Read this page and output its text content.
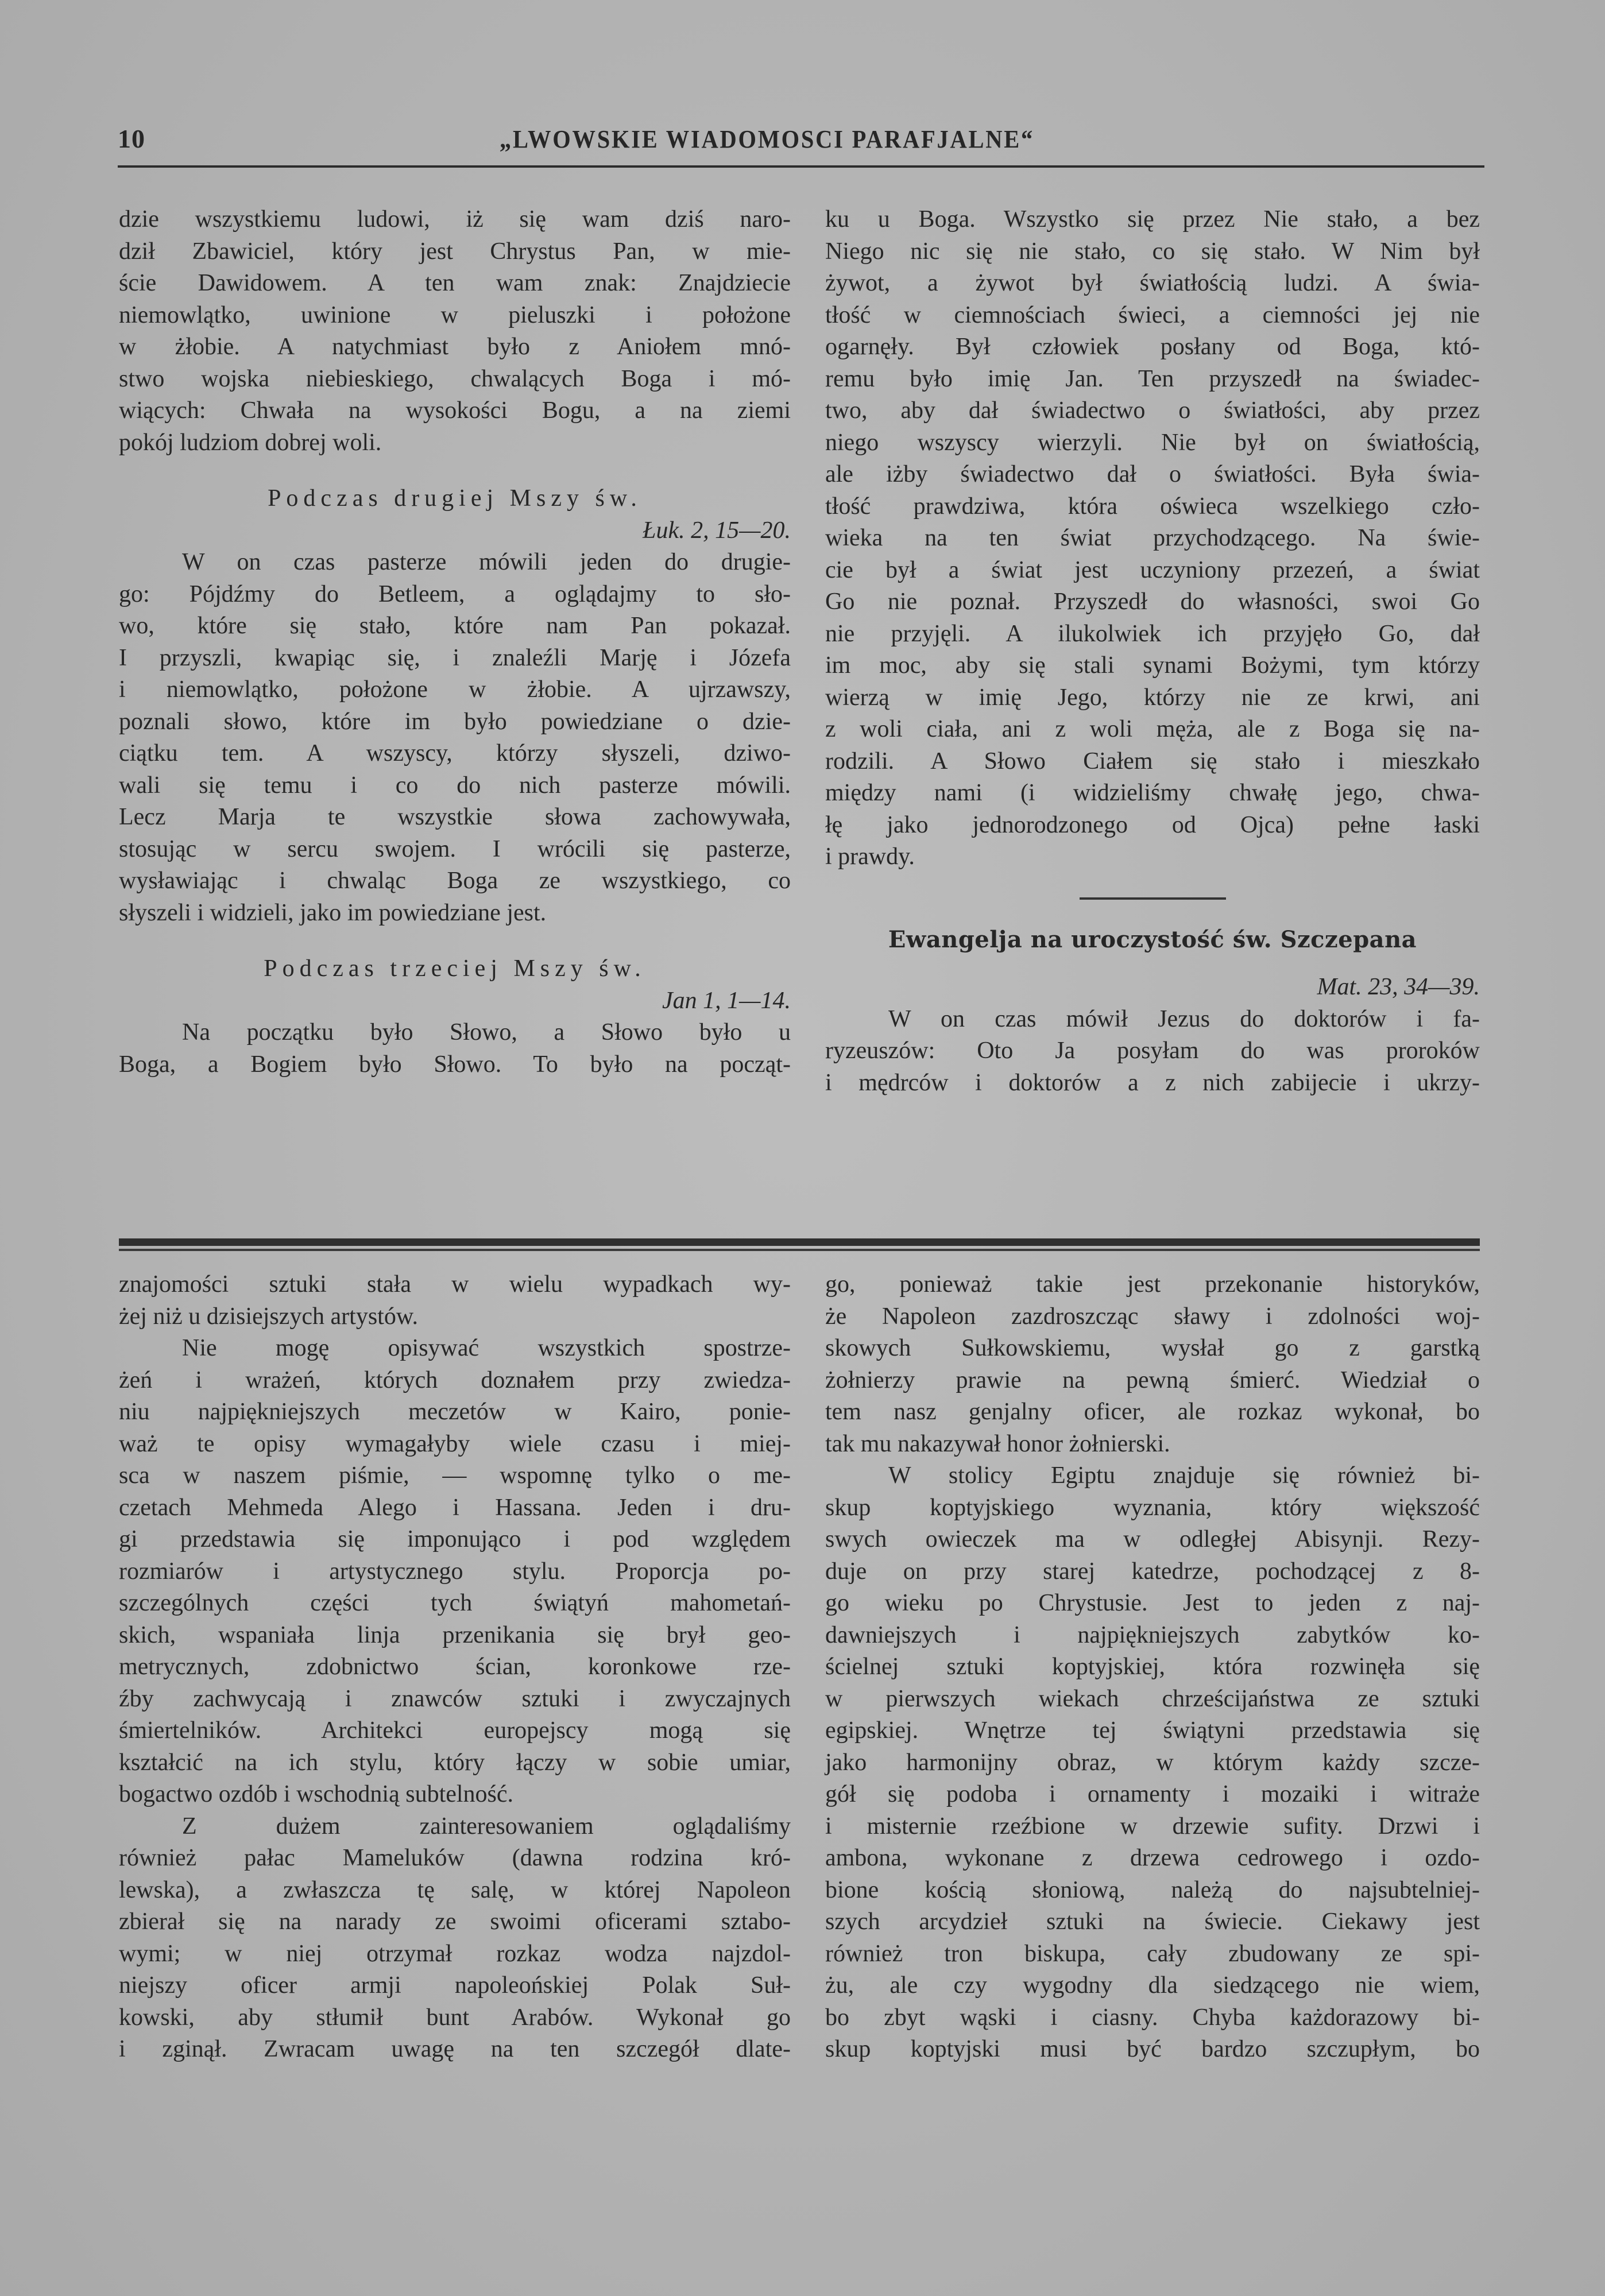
10	„LWOWSKIE WIADOMOSCI PARAFJALNE“
dzie wszystkiemu ludowi, iż się wam dziś naro-
dził Zbawiciel, który jest Chrystus Pan, w mie-
ście Dawidowem. A ten wam znak: Znajdziecie
niemowlątko, uwinione w pieluszki i położone
w żłobie. A natychmiast było z Aniołem mnó-
stwo wojska niebieskiego, chwalących Boga i mó-
wiących: Chwała na wysokości Bogu, a na ziemi
pokój ludziom dobrej woli.
Podczas drugiej Mszy św.
Łuk. 2, 15—20.
W on czas pasterze mówili jeden do drugie-
go: Pójdźmy do Betleem, a oglądajmy to sło-
wo, które się stało, które nam Pan pokazał.
I przyszli, kwapiąc się, i znaleźli Marję i Józefa
i niemowlątko, położone w żłobie. A ujrzawszy,
poznali słowo, które im było powiedziane o dzie-
ciątku tem. A wszyscy, którzy słyszeli, dziwo-
wali się temu i co do nich pasterze mówili.
Lecz Marja te wszystkie słowa zachowywała,
stosując w sercu swojem. I wrócili się pasterze,
wysławiając i chwaląc Boga ze wszystkiego, co
słyszeli i widzieli, jako im powiedziane jest.
Podczas trzeciej Mszy św.
Jan 1, 1—14.
Na początku było Słowo, a Słowo było u
Boga, a Bogiem było Słowo. To było na począt-
ku u Boga. Wszystko się przez Nie stało, a bez
Niego nic się nie stało, co się stało. W Nim był
żywot, a żywot był światłością ludzi. A świa-
tłość w ciemnościach świeci, a ciemności jej nie
ogarnęły. Był człowiek posłany od Boga, któ-
remu było imię Jan. Ten przyszedł na świadec-
two, aby dał świadectwo o światłości, aby przez
niego wszyscy wierzyli. Nie był on światłością,
ale iżby świadectwo dał o światłości. Była świa-
tłość prawdziwa, która oświeca wszelkiego czło-
wieka na ten świat przychodzącego. Na świe-
cie był a świat jest uczyniony przezeń, a świat
Go nie poznał. Przyszedł do własności, swoi Go
nie przyjęli. A ilukolwiek ich przyjęło Go, dał
im moc, aby się stali synami Bożymi, tym którzy
wierzą w imię Jego, którzy nie ze krwi, ani
z woli ciała, ani z woli męża, ale z Boga się na-
rodzili. A Słowo Ciałem się stało i mieszkało
między nami (i widzieliśmy chwałę jego, chwa-
łę jako jednorodzonego od Ojca) pełne łaski
i prawdy.
Ewangelja na uroczystość św. Szczepana
Mat. 23, 34—39.
W on czas mówił Jezus do doktorów i fa-
ryzeuszów: Oto Ja posyłam do was proroków
i mędrców i doktorów a z nich zabijecie i ukrzy-
znajomości sztuki stała w wielu wypadkach wy-
żej niż u dzisiejszych artystów.
Nie mogę opisywać wszystkich spostrze-
żeń i wrażeń, których doznałem przy zwiedza-
niu najpiękniejszych meczetów w Kairo, ponie-
waż te opisy wymagałyby wiele czasu i miej-
sca w naszem piśmie, — wspomnę tylko o me-
czetach Mehmeda Alego i Hassana. Jeden i dru-
gi przedstawia się imponująco i pod względem
rozmiarów i artystycznego stylu. Proporcja po-
szczególnych części tych świątyń mahometań-
skich, wspaniała linja przenikania się brył geo-
metrycznych, zdobnictwo ścian, koronkowe rze-
źby zachwycają i znawców sztuki i zwyczajnych
śmiertelników. Architekci europejscy mogą się
kształcić na ich stylu, który łączy w sobie umiar,
bogactwo ozdób i wschodnią subtelność.
Z dużem zainteresowaniem oglądaliśmy
również pałac Mameluków (dawna rodzina kró-
lewska), a zwłaszcza tę salę, w której Napoleon
zbierał się na narady ze swoimi oficerami sztabo-
wymi; w niej otrzymał rozkaz wodza najzdol-
niejszy oficer armji napoleońskiej Polak Suł-
kowski, aby stłumił bunt Arabów. Wykonał go
i zginął. Zwracam uwagę na ten szczegół dlate-
go, ponieważ takie jest przekonanie historyków,
że Napoleon zazdroszcząc sławy i zdolności woj-
skowych Sułkowskiemu, wysłał go z garstką
żołnierzy prawie na pewną śmierć. Wiedział o
tem nasz genjalny oficer, ale rozkaz wykonał, bo
tak mu nakazywał honor żołnierski.
W stolicy Egiptu znajduje się również bi-
skup koptyjskiego wyznania, który większość
swych owieczek ma w odległej Abisynji. Rezy-
duje on przy starej katedrze, pochodzącej z 8-
go wieku po Chrystusie. Jest to jeden z naj-
dawniejszych i najpiękniejszych zabytków ko-
ścielnej sztuki koptyjskiej, która rozwinęła się
w pierwszych wiekach chrześcijaństwa ze sztuki
egipskiej. Wnętrze tej świątyni przedstawia się
jako harmonijny obraz, w którym każdy szcze-
gół się podoba i ornamenty i mozaiki i witraże
i misternie rzeźbione w drzewie sufity. Drzwi i
ambona, wykonane z drzewa cedrowego i ozdo-
bione kością słoniową, należą do najsubtelniej-
szych arcydzieł sztuki na świecie. Ciekawy jest
również tron biskupa, cały zbudowany ze spi-
żu, ale czy wygodny dla siedzącego nie wiem,
bo zbyt wąski i ciasny. Chyba każdorazowy bi-
skup koptyjski musi być bardzo szczupłym, bo
